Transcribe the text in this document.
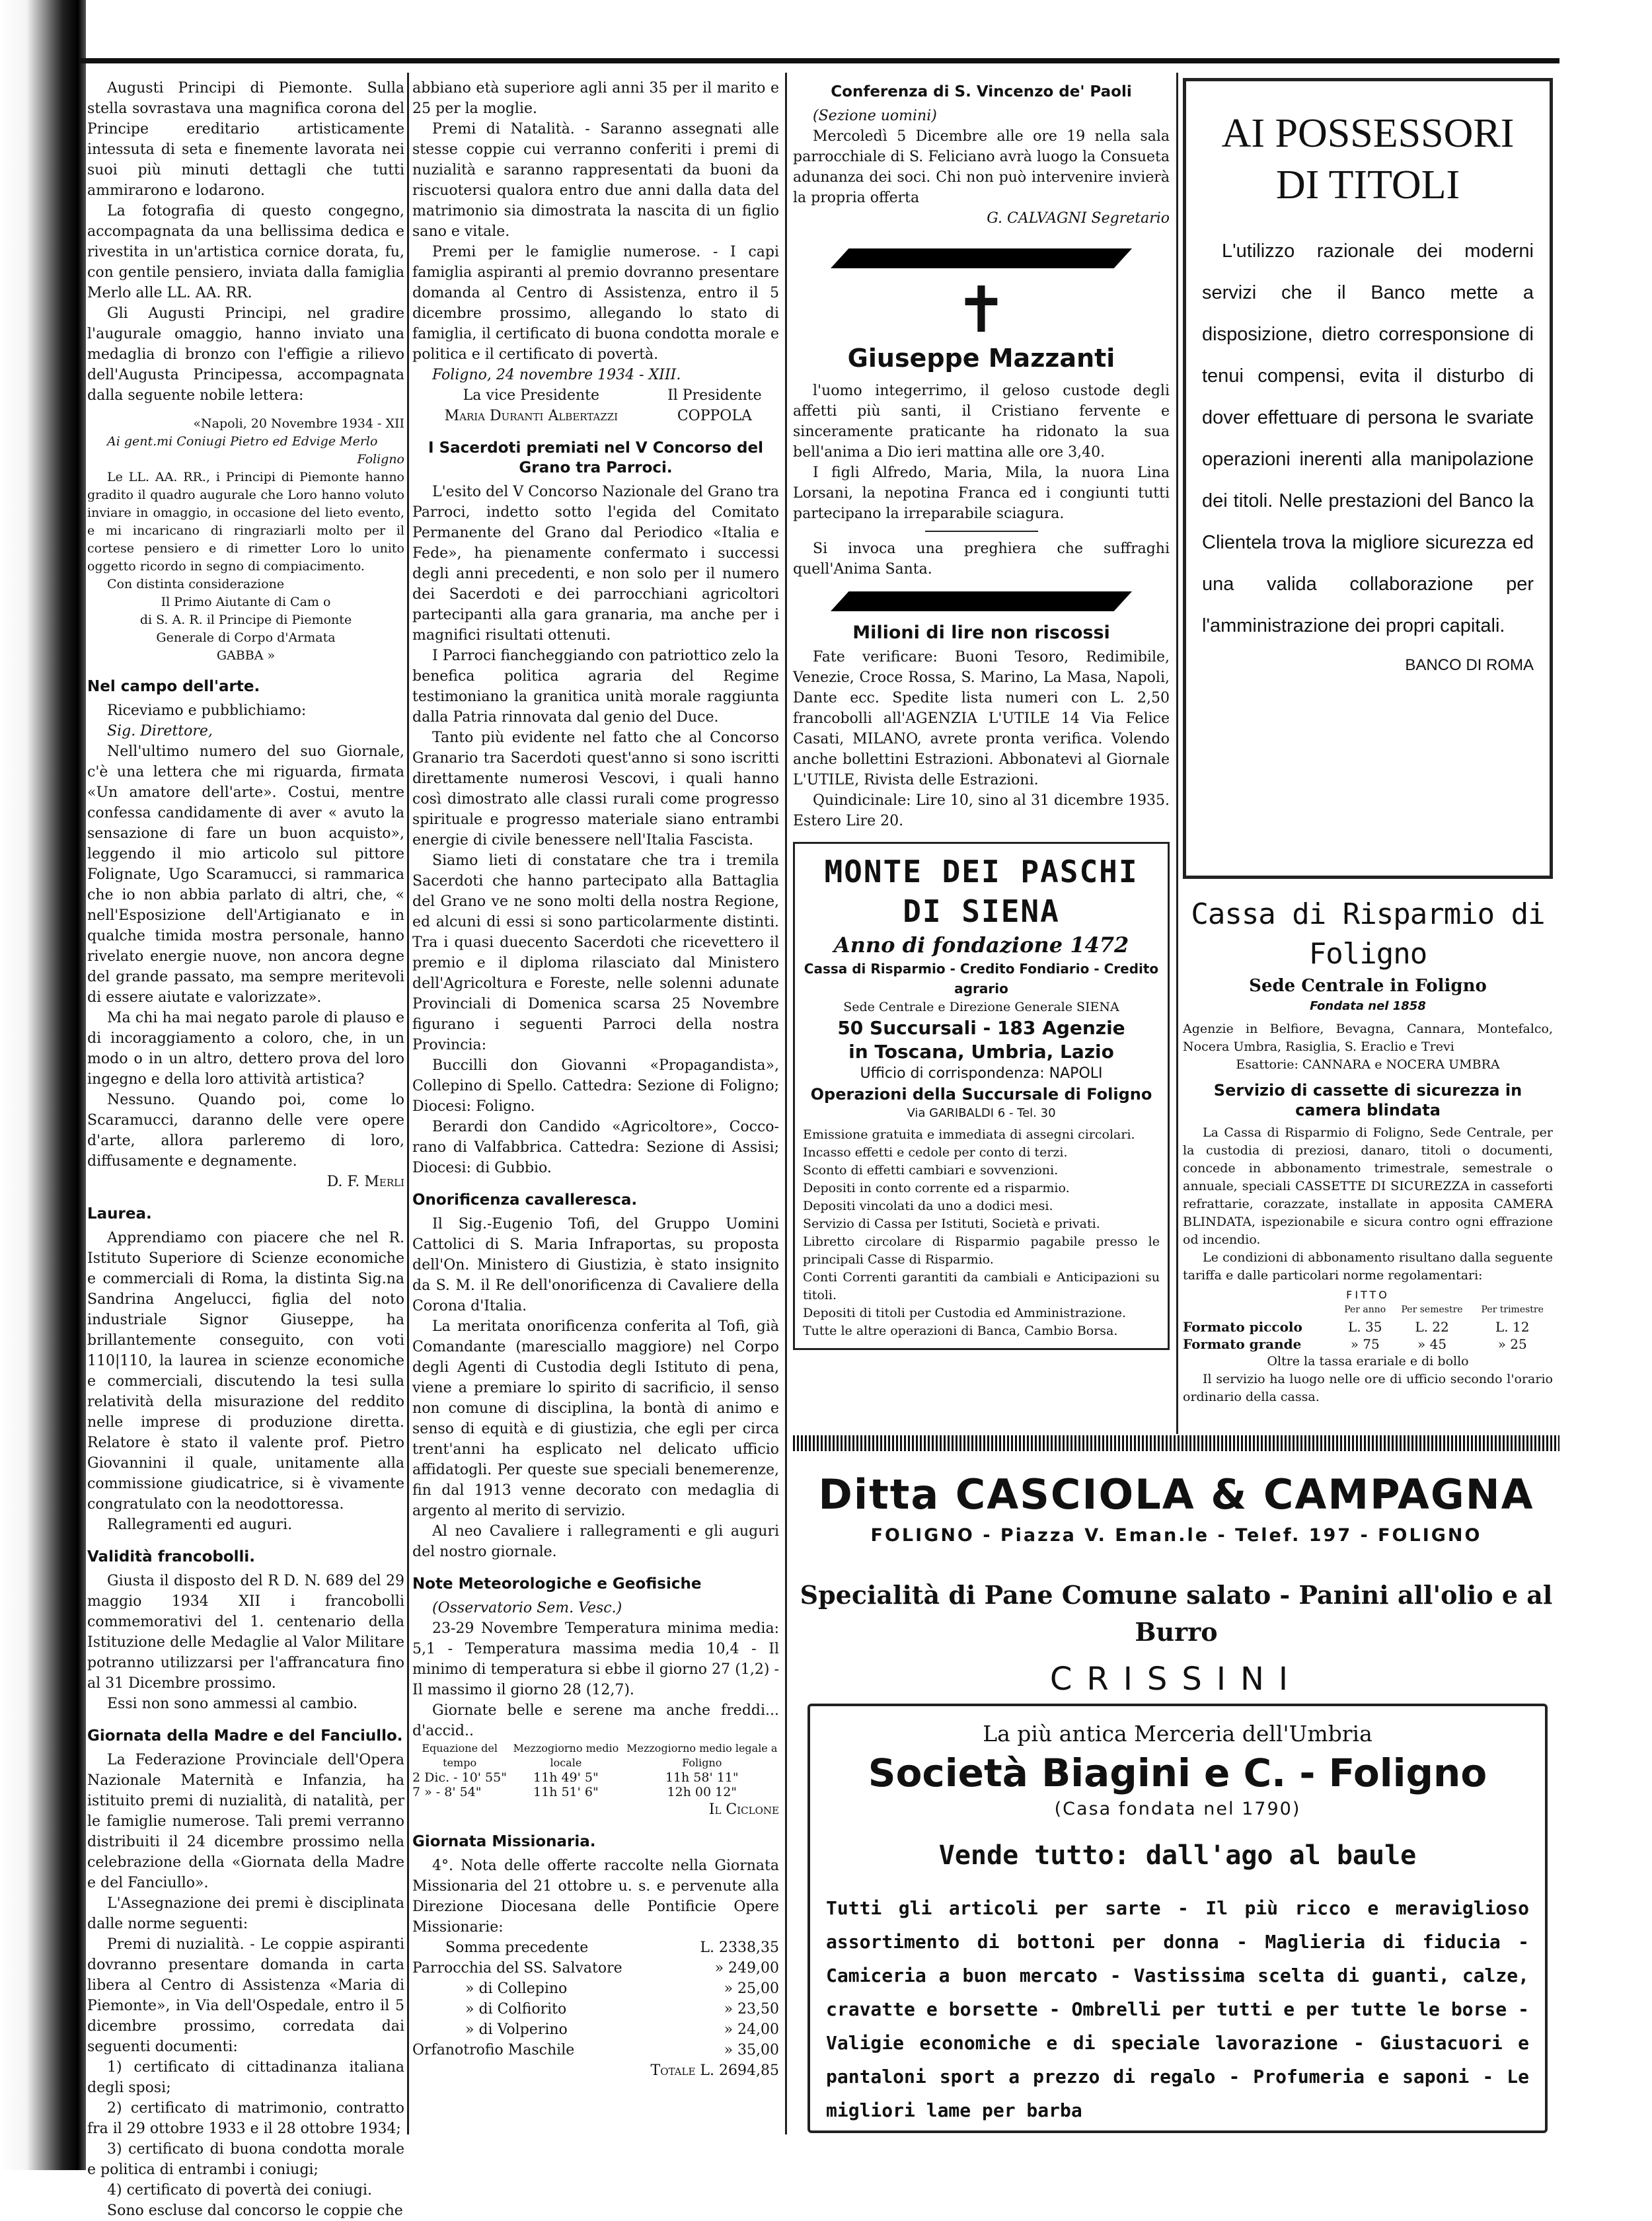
Augusti Principi di Piemonte. Sulla stella sovrastava una magnifica corona del Principe ereditario artisticamente intessuta di seta e finemente lavorata nei suoi più minuti dettagli che tutti ammirarono e lodarono.

La fotografia di questo congegno, accompagnata da una bellissima dedica e rivestita in un'artistica cornice dorata, fu, con gentile pensiero, inviata dalla famiglia Merlo alle LL. AA. RR.

Gli Augusti Principi, nel gradire l'augurale omaggio, hanno inviato una medaglia di bronzo con l'effigie a rilievo dell'Augusta Principessa, accompagnata dalla seguente nobile lettera:

«Napoli, 20 Novembre 1934 - XII

Ai gent.mi Coniugi Pietro ed Edvige Merlo

Foligno

Le LL. AA. RR., i Principi di Piemonte hanno gradito il quadro augurale che Loro hanno voluto inviare in omaggio, in occasione del lieto evento, e mi incaricano di ringraziarli molto per il cortese pensiero e di rimetter Loro lo unito oggetto ricordo in segno di compiacimento.

Con distinta considerazione

Il Primo Aiutante di Cam o

di S. A. R. il Principe di Piemonte

Generale di Corpo d'Armata

GABBA »

Nel campo dell'arte.

Riceviamo e pubblichiamo:

Sig. Direttore,

Nell'ultimo numero del suo Giornale, c'è una lettera che mi riguarda, firmata «Un amatore dell'arte». Costui, mentre confessa candidamente di aver « avuto la sensazione di fare un buon acquisto», leggendo il mio articolo sul pittore Folignate, Ugo Scaramucci, si rammarica che io non abbia parlato di altri, che, « nell'Esposizione dell'Artigianato e in qualche timida mostra personale, hanno rivelato energie nuove, non ancora degne del grande passato, ma sempre meritevoli di essere aiutate e valorizzate».

Ma chi ha mai negato parole di plauso e di incoraggiamento a coloro, che, in un modo o in un altro, dettero prova del loro ingegno e della loro attività artistica?

Nessuno. Quando poi, come lo Scaramucci, daranno delle vere opere d'arte, allora parleremo di loro, diffusamente e degnamente.

D. F. Merli

Laurea.

Apprendiamo con piacere che nel R. Istituto Superiore di Scienze economiche e commerciali di Roma, la distinta Sig.na Sandrina Angelucci, figlia del noto industriale Signor Giuseppe, ha brillantemente conseguito, con voti 110|110, la laurea in scienze economiche e commerciali, discutendo la tesi sulla relatività della misurazione del reddito nelle imprese di produzione diretta. Relatore è stato il valente prof. Pietro Giovannini il quale, unitamente alla commissione giudicatrice, si è vivamente congratulato con la neodottoressa.

Rallegramenti ed auguri.

Validità francobolli.

Giusta il disposto del R D. N. 689 del 29 maggio 1934 XII i francobolli commemorativi del 1. centenario della Istituzione delle Medaglie al Valor Militare potranno utilizzarsi per l'affrancatura fino al 31 Dicembre prossimo.

Essi non sono ammessi al cambio.

Giornata della Madre e del Fanciullo.

La Federazione Provinciale dell'Opera Nazionale Maternità e Infanzia, ha istituito premi di nuzialità, di natalità, per le famiglie numerose. Tali premi verranno distribuiti il 24 dicembre prossimo nella celebrazione della «Giornata della Madre e del Fanciullo».

L'Assegnazione dei premi è disciplinata dalle norme seguenti:

Premi di nuzialità. - Le coppie aspiranti dovranno presentare domanda in carta libera al Centro di Assistenza «Maria di Piemonte», in Via dell'Ospedale, entro il 5 dicembre prossimo, corredata dai seguenti documenti:

1) certificato di cittadinanza italiana degli sposi;

2) certificato di matrimonio, contratto fra il 29 ottobre 1933 e il 28 ottobre 1934;

3) certificato di buona condotta morale e politica di entrambi i coniugi;

4) certificato di povertà dei coniugi.

Sono escluse dal concorso le coppie che

abbiano età superiore agli anni 35 per il marito e 25 per la moglie.

Premi di Natalità. - Saranno assegnati alle stesse coppie cui verranno conferiti i premi di nuzialità e saranno rappresentati da buoni da riscuotersi qualora entro due anni dalla data del matrimonio sia dimostrata la nascita di un figlio sano e vitale.

Premi per le famiglie numerose. - I capi famiglia aspiranti al premio dovranno presentare domanda al Centro di Assistenza, entro il 5 dicembre prossimo, allegando lo stato di famiglia, il certificato di buona condotta morale e politica e il certificato di povertà.

Foligno, 24 novembre 1934 - XIII.

La vice Presidente	Il Presidente
Maria Duranti Albertazzi	COPPOLA
I Sacerdoti premiati nel V Concorso del Grano tra Parroci.

L'esito del V Concorso Nazionale del Grano tra Parroci, indetto sotto l'egida del Comitato Permanente del Grano dal Periodico «Italia e Fede», ha pienamente confermato i successi degli anni precedenti, e non solo per il numero dei Sacerdoti e dei parrocchiani agricoltori partecipanti alla gara granaria, ma anche per i magnifici risultati ottenuti.

I Parroci fiancheggiando con patriottico zelo la benefica politica agraria del Regime testimoniano la granitica unità morale raggiunta dalla Patria rinnovata dal genio del Duce.

Tanto più evidente nel fatto che al Concorso Granario tra Sacerdoti quest'anno si sono iscritti direttamente numerosi Vescovi, i quali hanno così dimostrato alle classi rurali come progresso spirituale e progresso materiale siano entrambi energie di civile benessere nell'Italia Fascista.

Siamo lieti di constatare che tra i tremila Sacerdoti che hanno partecipato alla Battaglia del Grano ve ne sono molti della nostra Regione, ed alcuni di essi si sono particolarmente distinti. Tra i quasi duecento Sacerdoti che ricevettero il premio e il diploma rilasciato dal Ministero dell'Agricoltura e Foreste, nelle solenni adunate Provinciali di Domenica scarsa 25 Novembre figurano i seguenti Parroci della nostra Provincia:

Buccilli don Giovanni «Propagandista», Collepino di Spello. Cattedra: Sezione di Foligno; Diocesi: Foligno.

Berardi don Candido «Agricoltore», Cocco-rano di Valfabbrica. Cattedra: Sezione di Assisi; Diocesi: di Gubbio.

Onorificenza cavalleresca.

Il Sig.-Eugenio Tofi, del Gruppo Uomini Cattolici di S. Maria Infraportas, su proposta dell'On. Ministero di Giustizia, è stato insignito da S. M. il Re dell'onorificenza di Cavaliere della Corona d'Italia.

La meritata onorificenza conferita al Tofi, già Comandante (maresciallo maggiore) nel Corpo degli Agenti di Custodia degli Istituto di pena, viene a premiare lo spirito di sacrificio, il senso non comune di disciplina, la bontà di animo e senso di equità e di giustizia, che egli per circa trent'anni ha esplicato nel delicato ufficio affidatogli. Per queste sue speciali benemerenze, fin dal 1913 venne decorato con medaglia di argento al merito di servizio.

Al neo Cavaliere i rallegramenti e gli auguri del nostro giornale.

Note Meteorologiche e Geofisiche

(Osservatorio Sem. Vesc.)

23-29 Novembre Temperatura minima media: 5,1 - Temperatura massima media 10,4 - Il minimo di temperatura si ebbe il giorno 27 (1,2) - Il massimo il giorno 28 (12,7).

Giornate belle e serene ma anche freddi... d'accid..

Equazione del tempo	Mezzogiorno medio locale	Mezzogiorno medio legale a Foligno
2 Dic. - 10' 55"	11h 49' 5"	11h 58' 11"
7 » - 8' 54"	11h 51' 6"	12h 00 12"

Il Ciclone

Giornata Missionaria.

4°. Nota delle offerte raccolte nella Giornata Missionaria del 21 ottobre u. s. e pervenute alla Direzione Diocesana delle Pontificie Opere Missionarie:

Somma precedente	L. 2338,35
Parrocchia del SS. Salvatore	» 249,00
» di Collepino	» 25,00
» di Colfiorito	» 23,50
» di Volperino	» 24,00
Orfanotrofio Maschile	» 35,00

Totale L. 2694,85

Conferenza di S. Vincenzo de' Paoli

(Sezione uomini)

Mercoledì 5 Dicembre alle ore 19 nella sala parrocchiale di S. Feliciano avrà luogo la Consueta adunanza dei soci. Chi non può intervenire invierà la propria offerta

G. CALVAGNI Segretario

✝
Giuseppe Mazzanti

l'uomo integerrimo, il geloso custode degli affetti più santi, il Cristiano fervente e sinceramente praticante ha ridonato la sua bell'anima a Dio ieri mattina alle ore 3,40.

I figli Alfredo, Maria, Mila, la nuora Lina Lorsani, la nepotina Franca ed i congiunti tutti partecipano la irreparabile sciagura.

Si invoca una preghiera che suffraghi quell'Anima Santa.

Milioni di lire non riscossi

Fate verificare: Buoni Tesoro, Redimibile, Venezie, Croce Rossa, S. Marino, La Masa, Napoli, Dante ecc. Spedite lista numeri con L. 2,50 francobolli all'AGENZIA L'UTILE 14 Via Felice Casati, MILANO, avrete pronta verifica. Volendo anche bollettini Estrazioni. Abbonatevi al Giornale L'UTILE, Rivista delle Estrazioni.

Quindicinale: Lire 10, sino al 31 dicembre 1935. Estero Lire 20.

MONTE DEI PASCHI DI SIENA
Anno di fondazione 1472
Cassa di Risparmio - Credito Fondiario - Credito agrario
Sede Centrale e Direzione Generale SIENA
50 Succursali - 183 Agenzie
in Toscana, Umbria, Lazio
Ufficio di corrispondenza: NAPOLI
Operazioni della Succursale di Foligno
Via GARIBALDI 6 - Tel. 30

Emissione gratuita e immediata di assegni circolari.

Incasso effetti e cedole per conto di terzi.

Sconto di effetti cambiari e sovvenzioni.

Depositi in conto corrente ed a risparmio.

Depositi vincolati da uno a dodici mesi.

Servizio di Cassa per Istituti, Società e privati.

Libretto circolare di Risparmio pagabile presso le principali Casse di Risparmio.

Conti Correnti garantiti da cambiali e Anticipazioni su titoli.

Depositi di titoli per Custodia ed Amministrazione.

Tutte le altre operazioni di Banca, Cambio Borsa.

AI POSSESSORI
DI TITOLI

L'utilizzo razionale dei moderni servizi che il Banco mette a disposizione, dietro corresponsione di tenui compensi, evita il disturbo di dover effettuare di persona le svariate operazioni inerenti alla manipolazione dei titoli. Nelle prestazioni del Banco la Clientela trova la migliore sicurezza ed una valida collaborazione per l'amministrazione dei propri capitali.

BANCO DI ROMA

Cassa di Risparmio di Foligno
Sede Centrale in Foligno
Fondata nel 1858

Agenzie in Belfiore, Bevagna, Cannara, Montefalco, Nocera Umbra, Rasiglia, S. Eraclio e Trevi

Esattorie: CANNARA e NOCERA UMBRA

Servizio di cassette di sicurezza in camera blindata

La Cassa di Risparmio di Foligno, Sede Centrale, per la custodia di preziosi, danaro, titoli o documenti, concede in abbonamento trimestrale, semestrale o annuale, speciali CASSETTE DI SICUREZZA in casseforti refrattarie, corazzate, installate in apposita CAMERA BLINDATA, ispezionabile e sicura contro ogni effrazione od incendio.

Le condizioni di abbonamento risultano dalla seguente tariffa e dalle particolari norme regolamentari:

FITTO
	Per anno	Per semestre	Per trimestre
Formato piccolo	L. 35	L. 22	L. 12
Formato grande	» 75	» 45	» 25

Oltre la tassa erariale e di bollo

Il servizio ha luogo nelle ore di ufficio secondo l'orario ordinario della cassa.

Ditta CASCIOLA & CAMPAGNA
FOLIGNO - Piazza V. Eman.le - Telef. 197 - FOLIGNO
Specialità di Pane Comune salato - Panini all'olio e al Burro
CRISSINI
La più antica Merceria dell'Umbria
Società Biagini e C. - Foligno
(Casa fondata nel 1790)
Vende tutto: dall'ago al baule

Tutti gli articoli per sarte - Il più ricco e meraviglioso assortimento di bottoni per donna - Maglieria di fiducia - Camiceria a buon mercato - Vastissima scelta di guanti, calze, cravatte e borsette - Ombrelli per tutti e per tutte le borse - Valigie economiche e di speciale lavorazione - Giustacuori e pantaloni sport a prezzo di regalo - Profumeria e saponi - Le migliori lame per barba
